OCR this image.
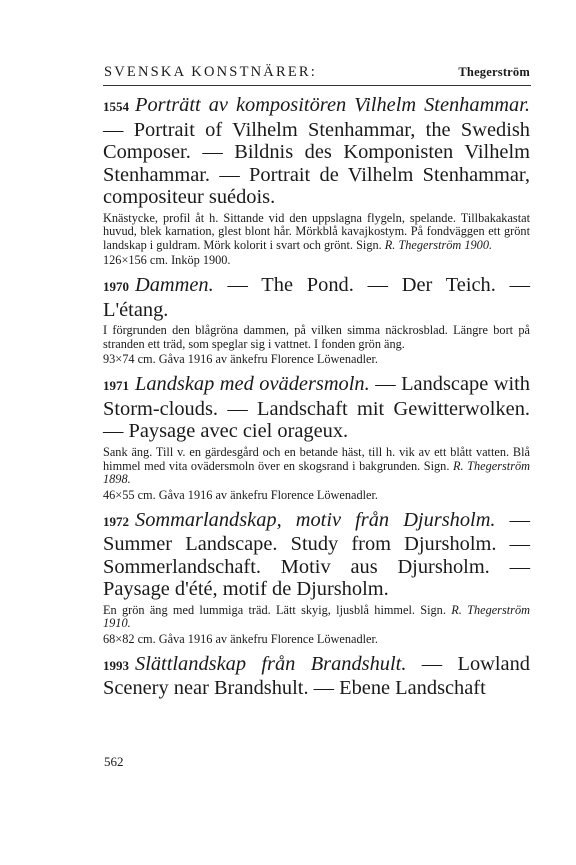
SVENSKA KONSTNÄRER:	Thegerström

1554 Porträtt av kompositören Vilhelm Stenhammar. — Portrait of Vilhelm Stenhammar, the Swedish Composer. — Bildnis des Komponisten Vilhelm Stenhammar. — Portrait de Vilhelm Stenhammar, compositeur suédois.

Knästycke, profil åt h. Sittande vid den uppslagna flygeln, spelande. Tillbakakastat huvud, blek karnation, glest blont hår. Mörkblå kavajkostym. På fondväggen ett grönt landskap i guldram. Mörk kolorit i svart och grönt. Sign. R. Thegerström 1900.
126×156 cm. Inköp 1900.

1970 Dammen. — The Pond. — Der Teich. — L'étang.

I förgrunden den blågröna dammen, på vilken simma näckrosblad. Längre bort på stranden ett träd, som speglar sig i vattnet. I fonden grön äng.
93×74 cm. Gåva 1916 av änkefru Florence Löwenadler.

1971 Landskap med ovädersmoln. — Landscape with Storm-clouds. — Landschaft mit Gewitterwolken. — Paysage avec ciel orageux.

Sank äng. Till v. en gärdesgård och en betande häst, till h. vik av ett blått vatten. Blå himmel med vita ovädersmoln över en skogsrand i bakgrunden. Sign. R. Thegerström 1898.
46×55 cm. Gåva 1916 av änkefru Florence Löwenadler.

1972 Sommarlandskap, motiv från Djursholm. — Summer Landscape. Study from Djursholm. — Sommerlandschaft. Motiv aus Djursholm. — Paysage d'été, motif de Djursholm.

En grön äng med lummiga träd. Lätt skyig, ljusblå himmel. Sign. R. Thegerström 1910.
68×82 cm. Gåva 1916 av änkefru Florence Löwenadler.

1993 Slättlandskap från Brandshult. — Lowland Scenery near Brandshult. — Ebene Landschaft

562
